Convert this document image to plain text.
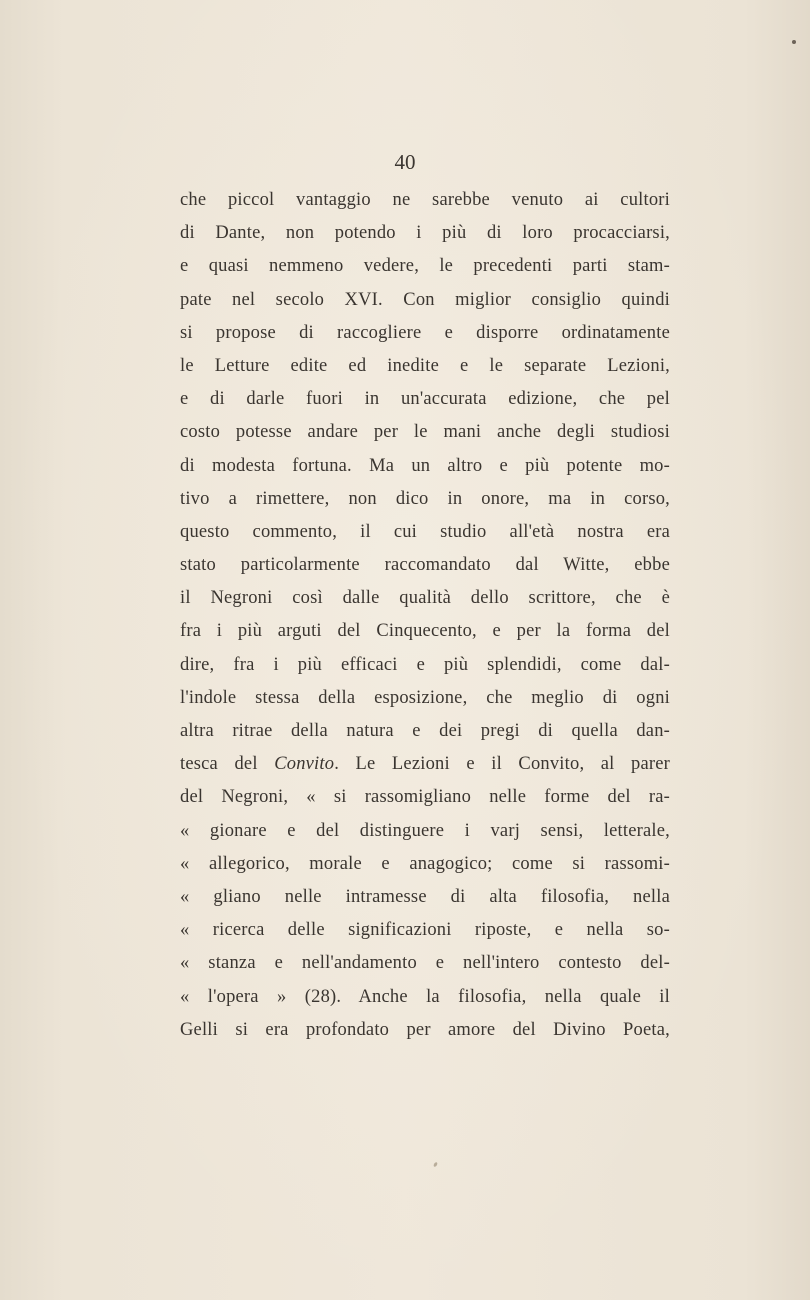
40
che piccol vantaggio ne sarebbe venuto ai cultori
di Dante, non potendo i più di loro procacciarsi,
e quasi nemmeno vedere, le precedenti parti stam-
pate nel secolo XVI. Con miglior consiglio quindi
si propose di raccogliere e disporre ordinatamente
le Letture edite ed inedite e le separate Lezioni,
e di darle fuori in un'accurata edizione, che pel
costo potesse andare per le mani anche degli studiosi
di modesta fortuna. Ma un altro e più potente mo-
tivo a rimettere, non dico in onore, ma in corso,
questo commento, il cui studio all'età nostra era
stato particolarmente raccomandato dal Witte, ebbe
il Negroni così dalle qualità dello scrittore, che è
fra i più arguti del Cinquecento, e per la forma del
dire, fra i più efficaci e più splendidi, come dal-
l'indole stessa della esposizione, che meglio di ogni
altra ritrae della natura e dei pregi di quella dan-
tesca del Convito. Le Lezioni e il Convito, al parer
del Negroni, « si rassomigliano nelle forme del ra-
« gionare e del distinguere i varj sensi, letterale,
« allegorico, morale e anagogico; come si rassomi-
« gliano nelle intramesse di alta filosofia, nella
« ricerca delle significazioni riposte, e nella so-
« stanza e nell'andamento e nell'intero contesto del-
« l'opera » (28). Anche la filosofia, nella quale il
Gelli si era profondato per amore del Divino Poeta,
